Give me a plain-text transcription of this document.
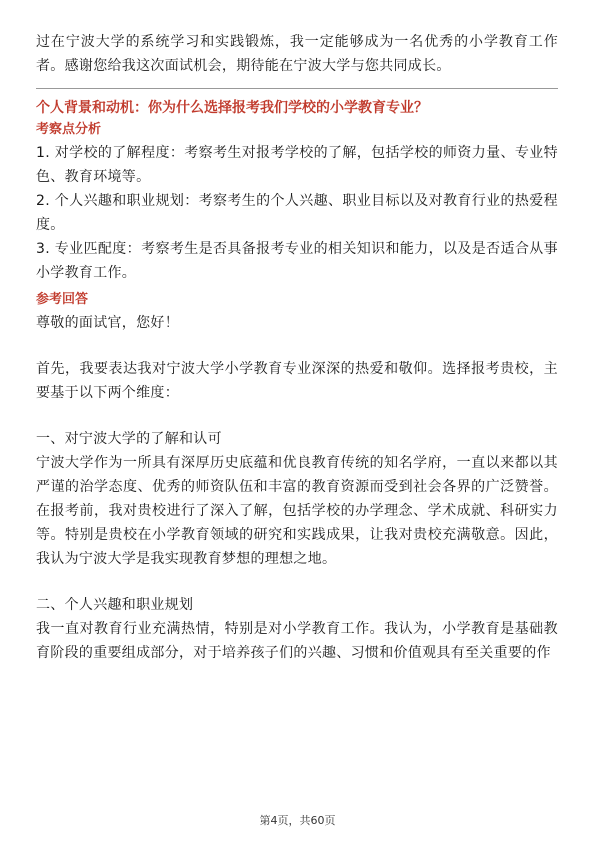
过在宁波大学的系统学习和实践锻炼，我一定能够成为一名优秀的小学教育工作者。感谢您给我这次面试机会，期待能在宁波大学与您共同成长。

个人背景和动机：你为什么选择报考我们学校的小学教育专业？
考察点分析

1. 对学校的了解程度：考察考生对报考学校的了解，包括学校的师资力量、专业特色、教育环境等。

2. 个人兴趣和职业规划：考察考生的个人兴趣、职业目标以及对教育行业的热爱程度。

3. 专业匹配度：考察考生是否具备报考专业的相关知识和能力，以及是否适合从事小学教育工作。

参考回答

尊敬的面试官，您好！

首先，我要表达我对宁波大学小学教育专业深深的热爱和敬仰。选择报考贵校，主要基于以下两个维度：

一、对宁波大学的了解和认可

宁波大学作为一所具有深厚历史底蕴和优良教育传统的知名学府，一直以来都以其严谨的治学态度、优秀的师资队伍和丰富的教育资源而受到社会各界的广泛赞誉。在报考前，我对贵校进行了深入了解，包括学校的办学理念、学术成就、科研实力等。特别是贵校在小学教育领域的研究和实践成果，让我对贵校充满敬意。因此，我认为宁波大学是我实现教育梦想的理想之地。

二、个人兴趣和职业规划

我一直对教育行业充满热情，特别是对小学教育工作。我认为，小学教育是基础教育阶段的重要组成部分，对于培养孩子们的兴趣、习惯和价值观具有至关重要的作

第4页，共60页
